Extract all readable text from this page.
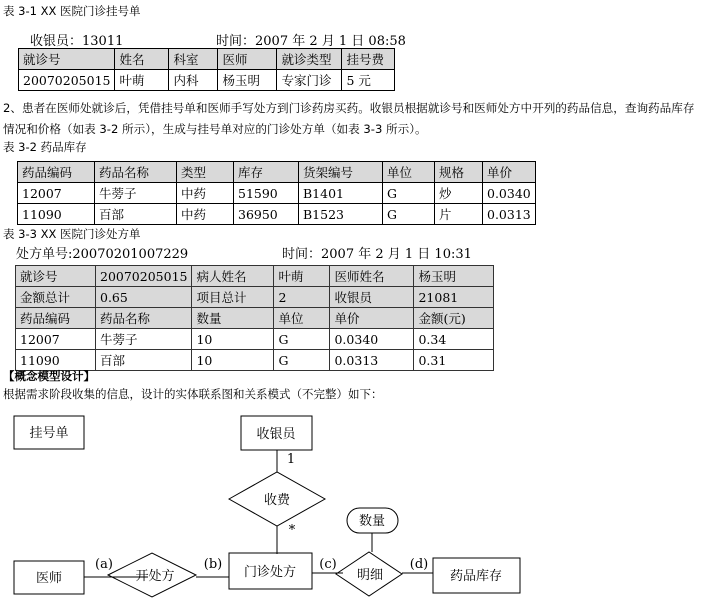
表 3-1 XX 医院门诊挂号单
收银员：13011	时间：2007 年 2 月 1 日 08:58
就诊号	姓名	科室	医师	就诊类型	挂号费
20070205015	叶萌	内科	杨玉明	专家门诊	5 元
2、患者在医师处就诊后，凭借挂号单和医师手写处方到门诊药房买药。收银员根据就诊号和医师处方中开列的药品信息，查询药品库存
情况和价格（如表 3-2 所示），生成与挂号单对应的门诊处方单（如表 3-3 所示）。
表 3-2 药品库存
药品编码	药品名称	类型	库存	货架编号	单位	规格	单价
12007	牛蒡子	中药	51590	B1401	G	炒	0.0340
11090	百部	中药	36950	B1523	G	片	0.0313
表 3-3 XX 医院门诊处方单
处方单号:20070201007229	时间：2007 年 2 月 1 日 10:31
就诊号	20070205015	病人姓名	叶萌	医师姓名	杨玉明
金额总计	0.65	项目总计	2	收银员	21081
药品编码	药品名称	数量	单位	单价	金额(元)
12007	牛蒡子	10	G	0.0340	0.34
11090	百部	10	G	0.0313	0.31
【概念模型设计】
根据需求阶段收集的信息，设计的实体联系图和关系模式（不完整）如下：
挂号单	收银员
医师	门诊处方	药品库存
收费
开处方	明细
数量
1
*
(a)	(b)	(c)	(d)
